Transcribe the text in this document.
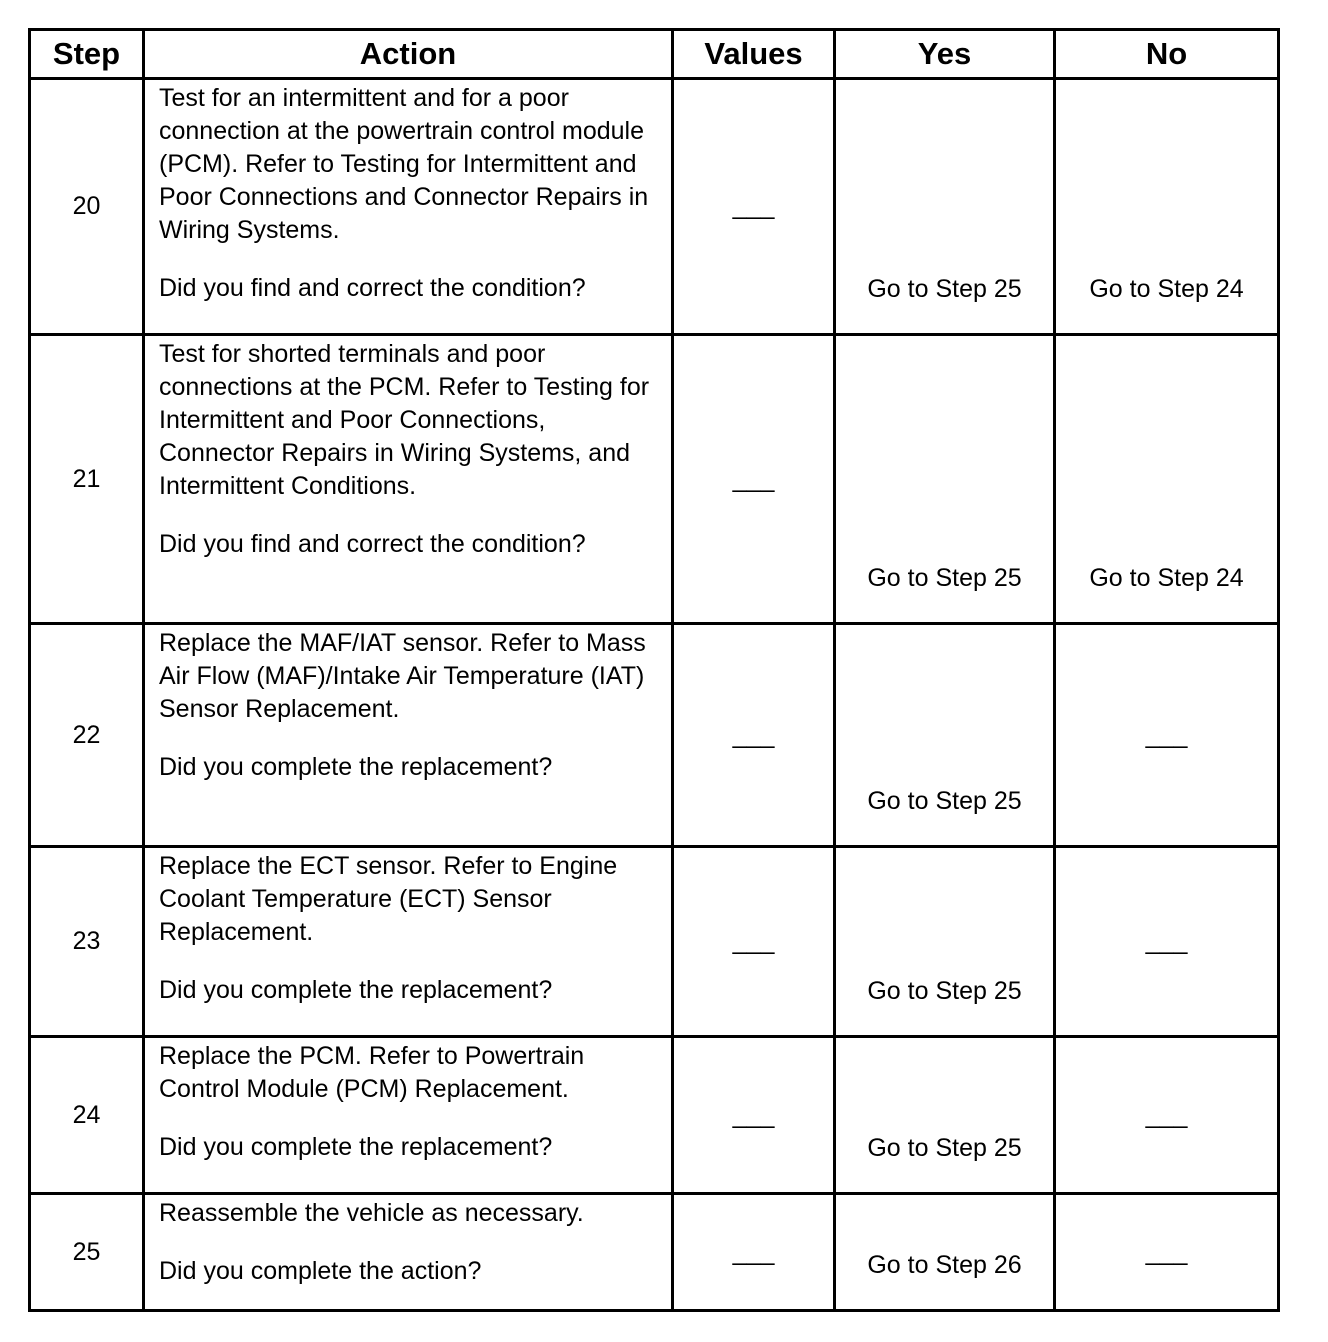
Step	Action	Values	Yes	No
20	Test for an intermittent and for a poor connection at the powertrain control module (PCM). Refer to Testing for Intermittent and Poor Connections and Connector Repairs in Wiring Systems.
Did you find and correct the condition?	___	Go to Step 25	Go to Step 24
21	Test for shorted terminals and poor connections at the PCM. Refer to Testing for Intermittent and Poor Connections, Connector Repairs in Wiring Systems, and Intermittent Conditions.
Did you find and correct the condition?	___	Go to Step 25	Go to Step 24
22	Replace the MAF/IAT sensor. Refer to Mass Air Flow (MAF)/Intake Air Temperature (IAT) Sensor Replacement.
Did you complete the replacement?	___	Go to Step 25	___
23	Replace the ECT sensor. Refer to Engine Coolant Temperature (ECT) Sensor Replacement.
Did you complete the replacement?	___	Go to Step 25	___
24	Replace the PCM. Refer to Powertrain Control Module (PCM) Replacement.
Did you complete the replacement?	___	Go to Step 25	___
25	Reassemble the vehicle as necessary.
Did you complete the action?	___	Go to Step 26	___
